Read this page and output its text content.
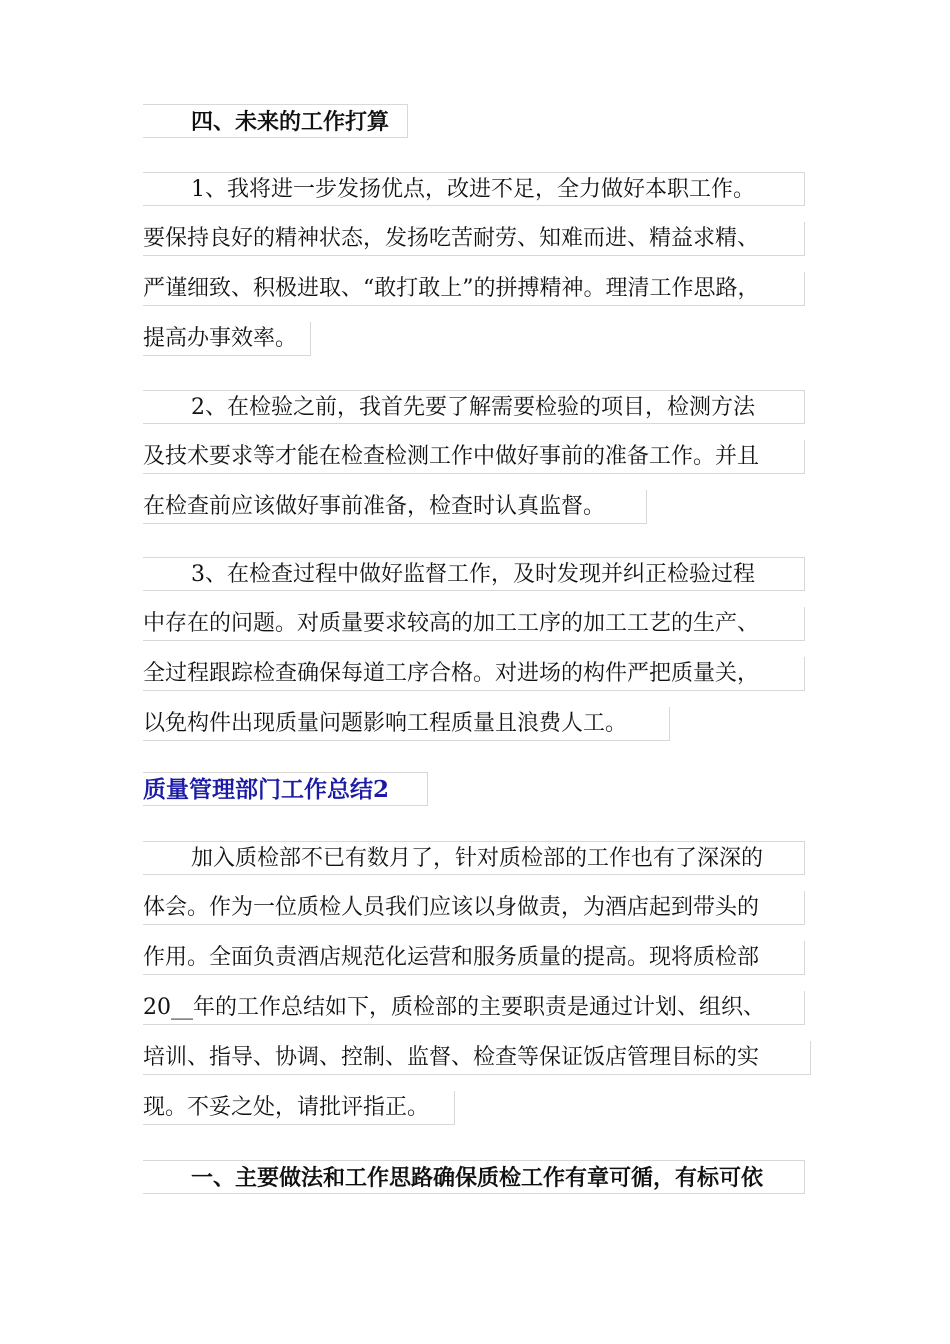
四、未来的工作打算
1、我将进一步发扬优点，改进不足，全力做好本职工作。
要保持良好的精神状态，发扬吃苦耐劳、知难而进、精益求精、
严谨细致、积极进取、“敢打敢上”的拼搏精神。理清工作思路，
提高办事效率。
2、在检验之前，我首先要了解需要检验的项目，检测方法
及技术要求等才能在检查检测工作中做好事前的准备工作。并且
在检查前应该做好事前准备，检查时认真监督。
3、在检查过程中做好监督工作，及时发现并纠正检验过程
中存在的问题。对质量要求较高的加工工序的加工工艺的生产、
全过程跟踪检查确保每道工序合格。对进场的构件严把质量关，
以免构件出现质量问题影响工程质量且浪费人工。
质量管理部门工作总结2
加入质检部不已有数月了，针对质检部的工作也有了深深的
体会。作为一位质检人员我们应该以身做责，为酒店起到带头的
作用。全面负责酒店规范化运营和服务质量的提高。现将质检部
20__年的工作总结如下，质检部的主要职责是通过计划、组织、
培训、指导、协调、控制、监督、检查等保证饭店管理目标的实
现。不妥之处，请批评指正。
一、主要做法和工作思路确保质检工作有章可循，有标可依
